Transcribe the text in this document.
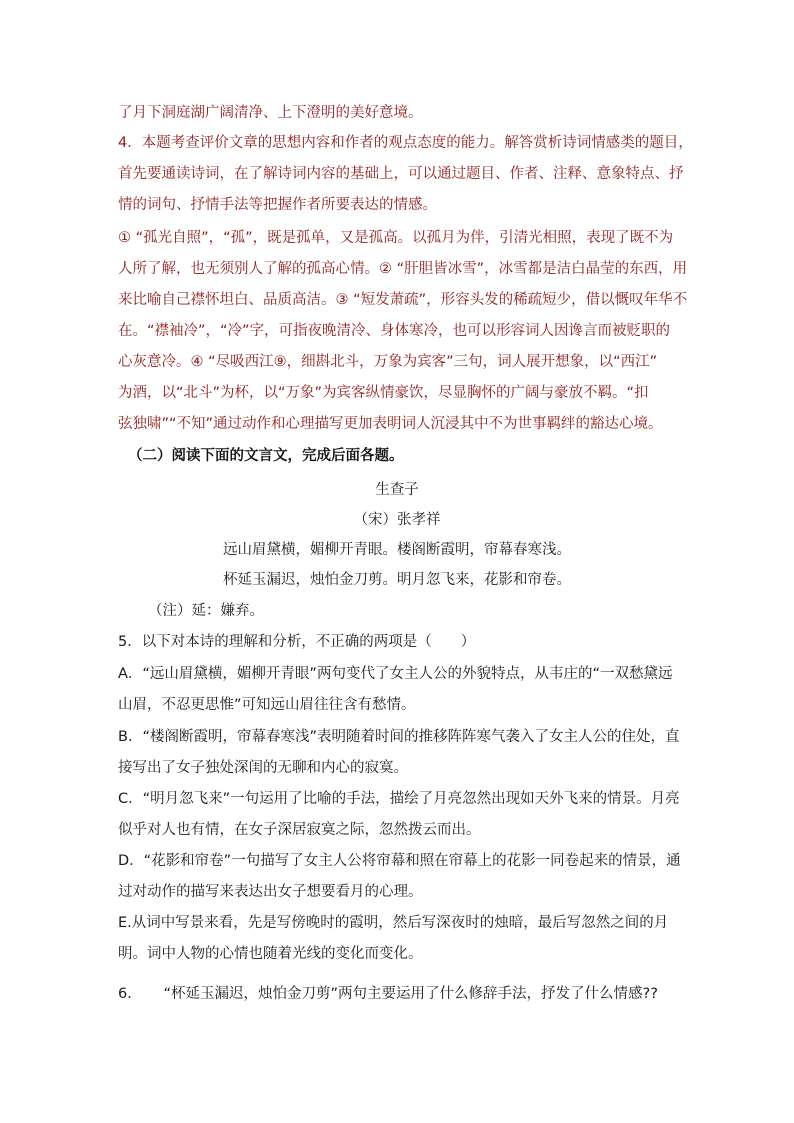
了月下洞庭湖广阔清净、上下澄明的美好意境。
4．本题考查评价文章的思想内容和作者的观点态度的能力。解答赏析诗词情感类的题目，
首先要通读诗词，在了解诗词内容的基础上，可以通过题目、作者、注释、意象特点、抒
情的词句、抒情手法等把握作者所要表达的情感。
① “孤光自照”，“孤”，既是孤单，又是孤高。以孤月为伴，引清光相照，表现了既不为
人所了解，也无须别人了解的孤高心情。② “肝胆皆冰雪”，冰雪都是洁白晶莹的东西，用
来比喻自己襟怀坦白、品质高洁。③ “短发萧疏”，形容头发的稀疏短少，借以慨叹年华不
在。“襟袖冷”，“冷”字，可指夜晚清冷、身体寒冷，也可以形容词人因谗言而被贬职的
心灰意冷。④ “尽吸西江⑨，细斟北斗，万象为宾客”三句，词人展开想象，以“西江”
为酒，以“北斗”为杯，以“万象”为宾客纵情豪饮，尽显胸怀的广阔与豪放不羁。“扣
弦独啸”“不知”通过动作和心理描写更加表明词人沉浸其中不为世事羁绊的豁达心境。
（二）阅读下面的文言文，完成后面各题。
生查子
（宋）张孝祥
远山眉黛横，媚柳开青眼。楼阁断霞明，帘幕春寒浅。
杯延玉漏迟，烛怕金刀剪。明月忽飞来，花影和帘卷。
（注）延：嫌弃。
5．以下对本诗的理解和分析，不正确的两项是（　　）
A．“远山眉黛横，媚柳开青眼”两句变代了女主人公的外貌特点，从韦庄的“一双愁黛远
山眉，不忍更思惟”可知远山眉往往含有愁情。
B．“楼阁断霞明，帘幕春寒浅”表明随着时间的推移阵阵寒气袭入了女主人公的住处，直
接写出了女子独处深闺的无聊和内心的寂寞。
C．“明月忽飞来”一句运用了比喻的手法，描绘了月亮忽然出现如天外飞来的情景。月亮
似乎对人也有情，在女子深居寂寞之际，忽然拨云而出。
D．“花影和帘卷”一句描写了女主人公将帘幕和照在帘幕上的花影一同卷起来的情景，通
过对动作的描写来表达出女子想要看月的心理。
E.从词中写景来看，先是写傍晚时的霞明，然后写深夜时的烛暗，最后写忽然之间的月
明。词中人物的心情也随着光线的变化而变化。
6．　　“杯延玉漏迟，烛怕金刀剪”两句主要运用了什么修辞手法，抒发了什么情感??
